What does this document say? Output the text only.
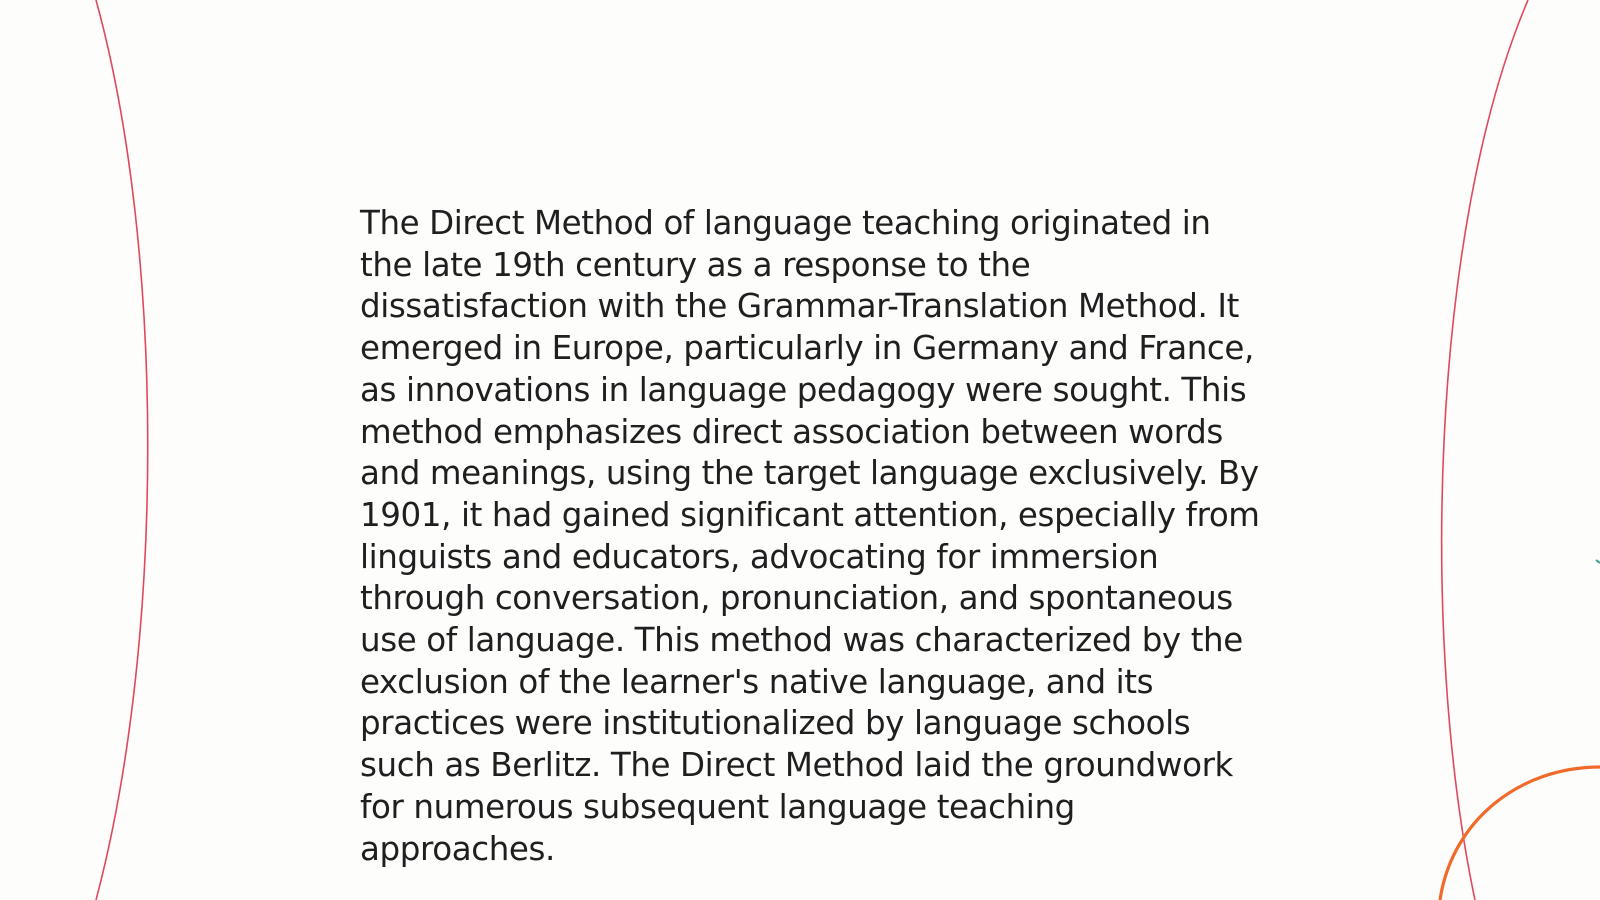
The Direct Method of language teaching originated in the late 19th century as a response to the dissatisfaction with the Grammar-Translation Method. It emerged in Europe, particularly in Germany and France, as innovations in language pedagogy were sought. This method emphasizes direct association between words and meanings, using the target language exclusively. By 1901, it had gained significant attention, especially from linguists and educators, advocating for immersion through conversation, pronunciation, and spontaneous use of language. This method was characterized by the exclusion of the learner's native language, and its practices were institutionalized by language schools such as Berlitz. The Direct Method laid the groundwork for numerous subsequent language teaching approaches.
